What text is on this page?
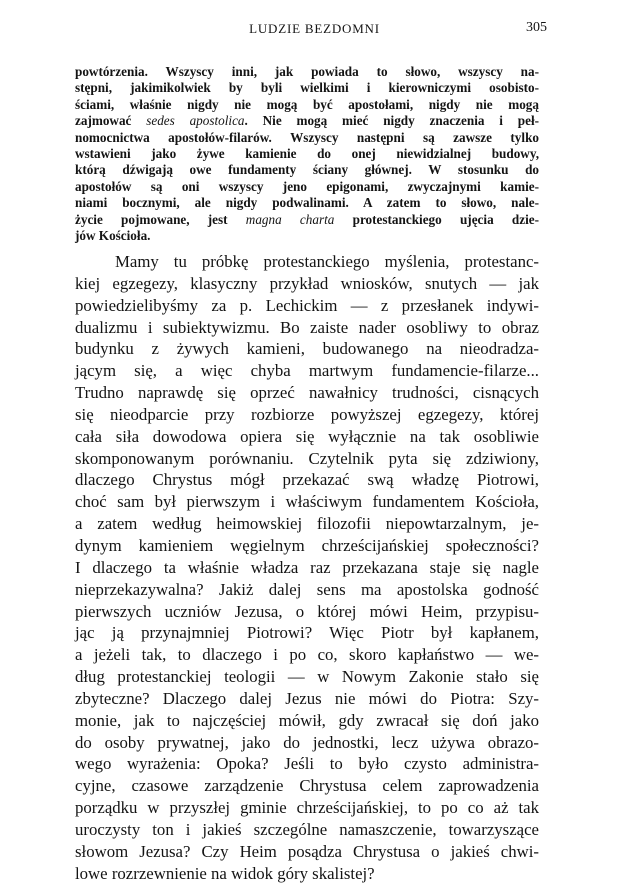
LUDZIE BEZDOMNI	305
powtórzenia. Wszyscy inni, jak powiada to słowo, wszyscy na-
stępni, jakimikolwiek by byli wielkimi i kierowniczymi osobisto-
ściami, właśnie nigdy nie mogą być apostołami, nigdy nie mogą
zajmować sedes apostolica. Nie mogą mieć nigdy znaczenia i peł-
nomocnictwa apostołów-filarów. Wszyscy następni są zawsze tylko
wstawieni jako żywe kamienie do onej niewidzialnej budowy,
którą dźwigają owe fundamenty ściany głównej. W stosunku do
apostołów są oni wszyscy jeno epigonami, zwyczajnymi kamie-
niami bocznymi, ale nigdy podwalinami. A zatem to słowo, nale-
życie pojmowane, jest magna charta protestanckiego ujęcia dzie-
jów Kościoła.
Mamy tu próbkę protestanckiego myślenia, protestanc-
kiej egzegezy, klasyczny przykład wniosków, snutych — jak
powiedzielibyśmy za p. Lechickim — z przesłanek indywi-
dualizmu i subiektywizmu. Bo zaiste nader osobliwy to obraz
budynku z żywych kamieni, budowanego na nieodradza-
jącym się, a więc chyba martwym fundamencie-filarze...
Trudno naprawdę się oprzeć nawałnicy trudności, cisnących
się nieodparcie przy rozbiorze powyższej egzegezy, której
cała siła dowodowa opiera się wyłącznie na tak osobliwie
skomponowanym porównaniu. Czytelnik pyta się zdziwiony,
dlaczego Chrystus mógł przekazać swą władzę Piotrowi,
choć sam był pierwszym i właściwym fundamentem Kościoła,
a zatem według heimowskiej filozofii niepowtarzalnym, je-
dynym kamieniem węgielnym chrześcijańskiej społeczności?
I dlaczego ta właśnie władza raz przekazana staje się nagle
nieprzekazywalna? Jakiż dalej sens ma apostolska godność
pierwszych uczniów Jezusa, o której mówi Heim, przypisu-
jąc ją przynajmniej Piotrowi? Więc Piotr był kapłanem,
a jeżeli tak, to dlaczego i po co, skoro kapłaństwo — we-
dług protestanckiej teologii — w Nowym Zakonie stało się
zbyteczne? Dlaczego dalej Jezus nie mówi do Piotra: Szy-
monie, jak to najczęściej mówił, gdy zwracał się doń jako
do osoby prywatnej, jako do jednostki, lecz używa obrazo-
wego wyrażenia: Opoka? Jeśli to było czysto administra-
cyjne, czasowe zarządzenie Chrystusa celem zaprowadzenia
porządku w przyszłej gminie chrześcijańskiej, to po co aż tak
uroczysty ton i jakieś szczególne namaszczenie, towarzyszące
słowom Jezusa? Czy Heim posądza Chrystusa o jakieś chwi-
lowe rozrzewnienie na widok góry skalistej?
